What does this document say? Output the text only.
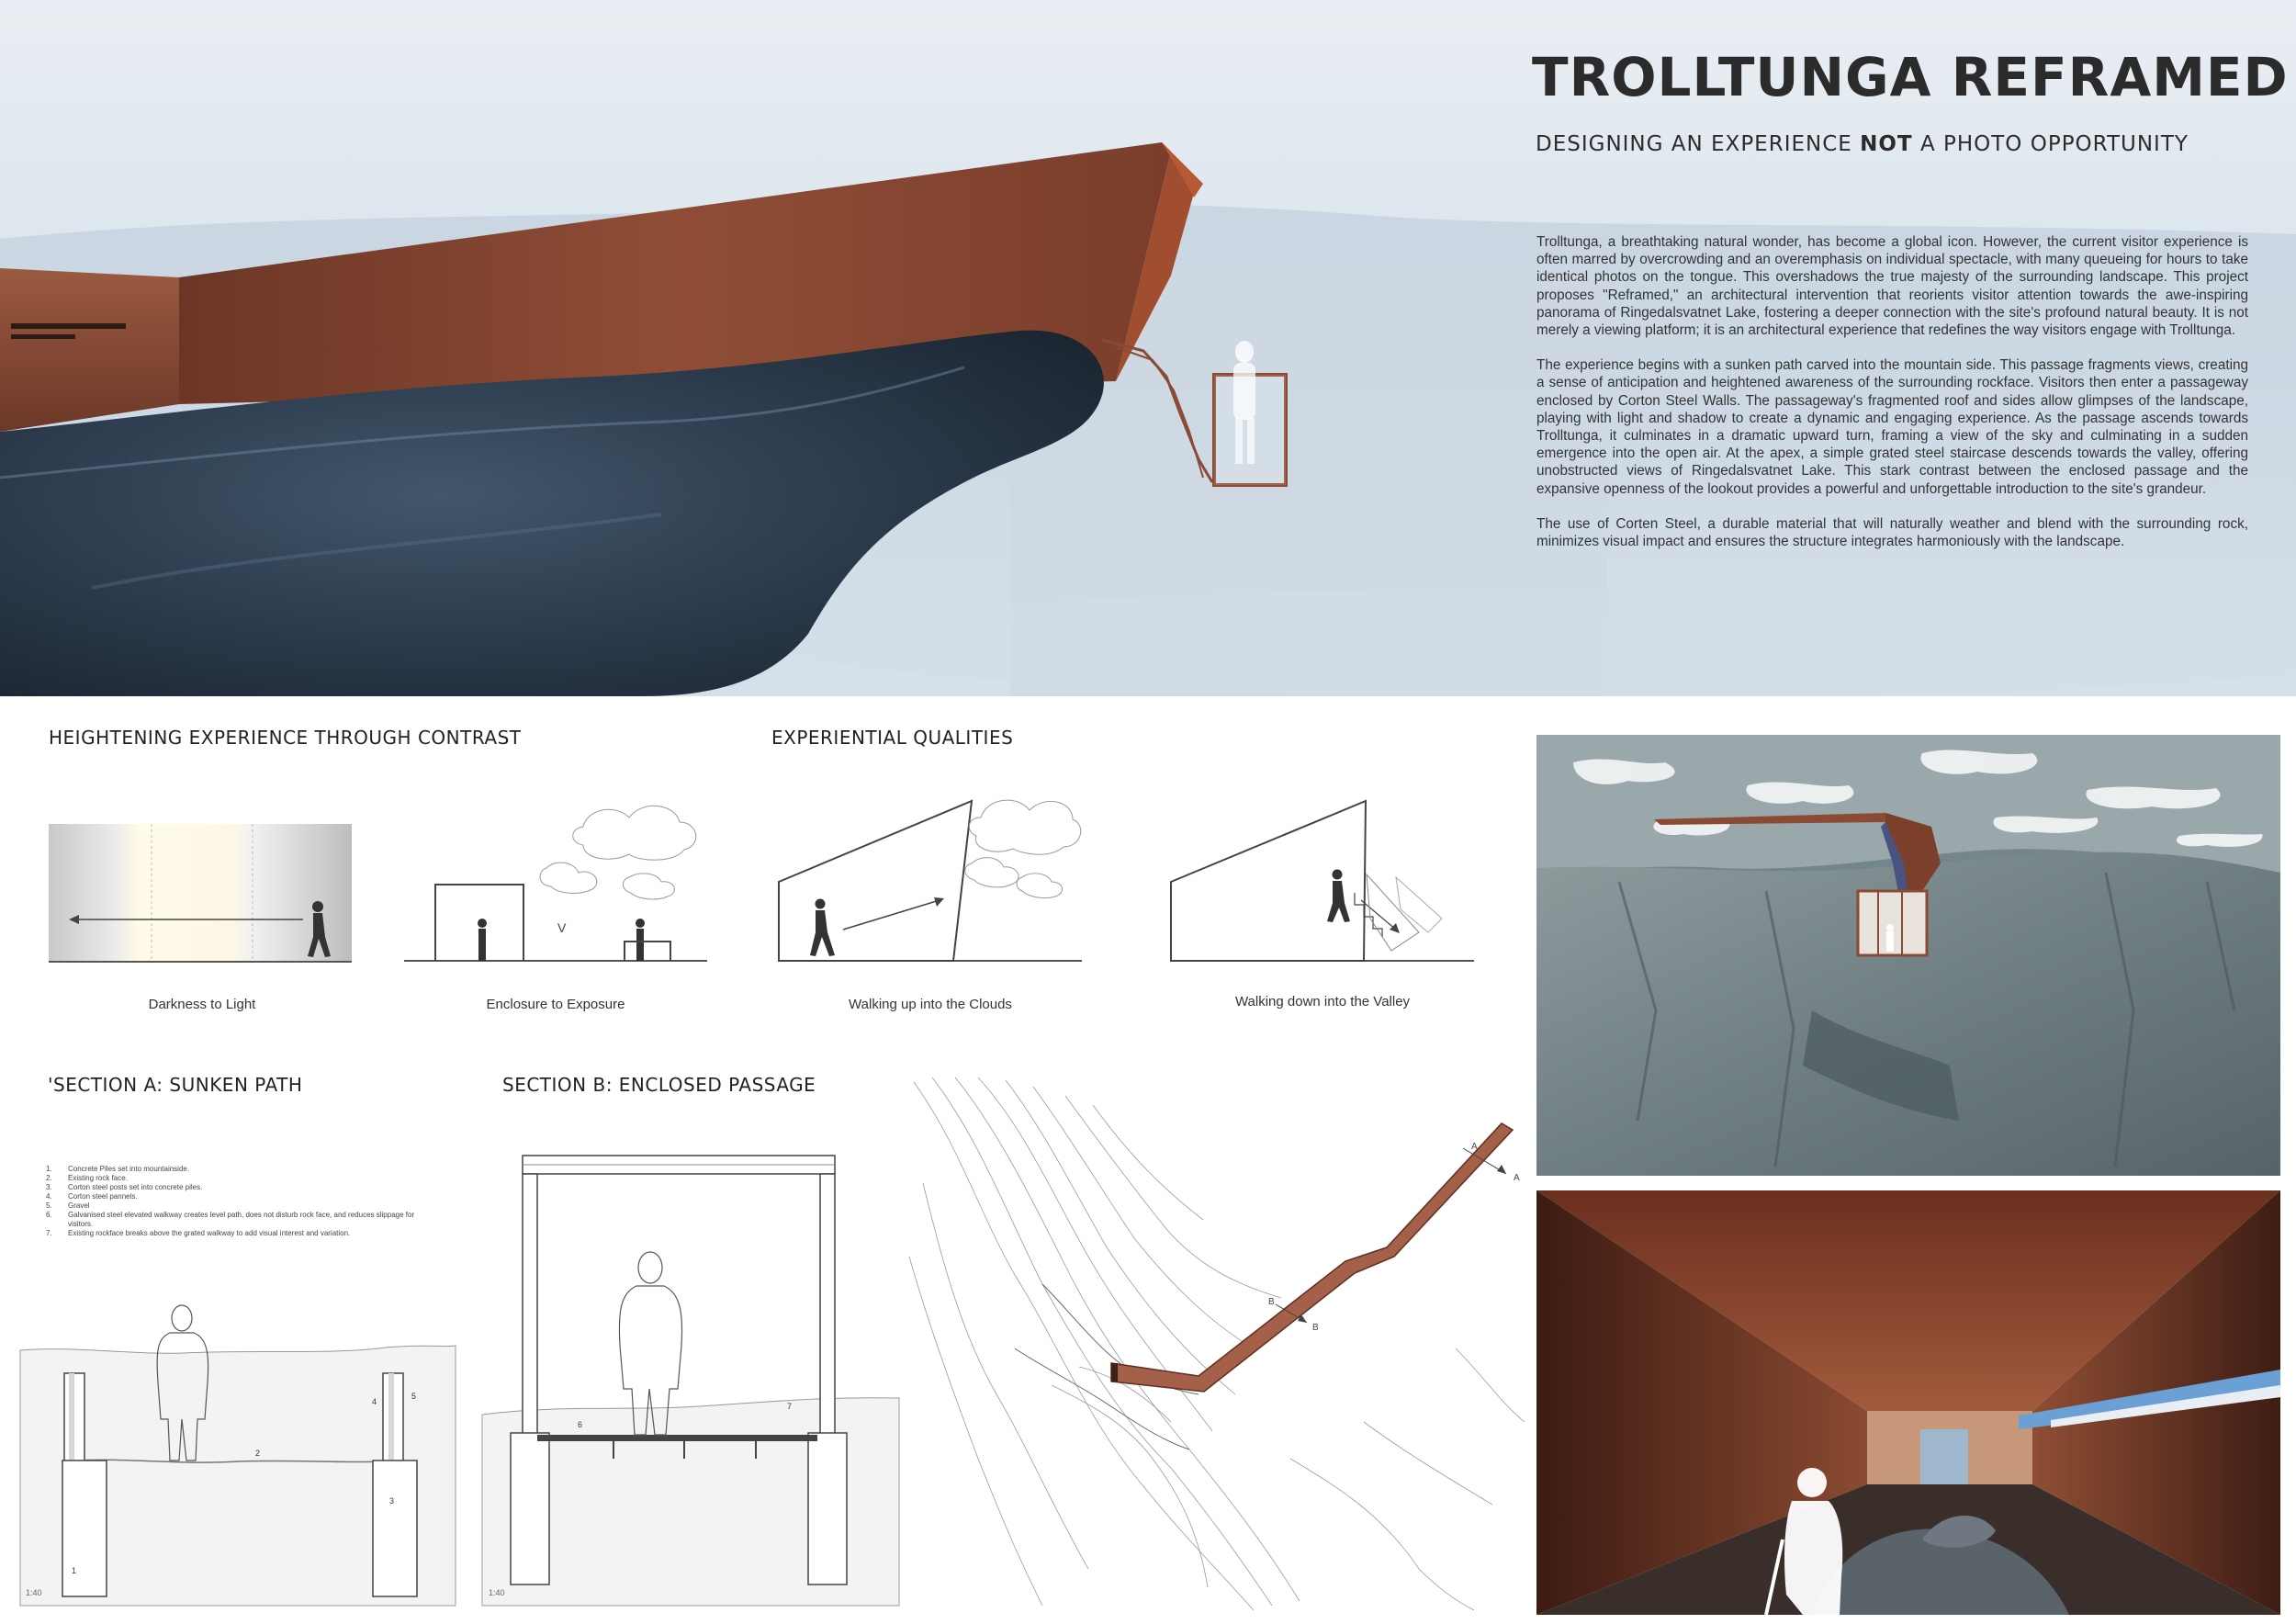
TROLLTUNGA REFRAMED
DESIGNING AN EXPERIENCE NOT A PHOTO OPPORTUNITY

Trolltunga, a breathtaking natural wonder, has become a global icon. However, the current visitor experience is often marred by overcrowding and an overemphasis on individual spectacle, with many queueing for hours to take identical photos on the tongue. This overshadows the true majesty of the surrounding landscape. This project proposes "Reframed," an architectural intervention that reorients visitor attention towards the awe-inspiring panorama of Ringedalsvatnet Lake, fostering a deeper connection with the site's profound natural beauty. It is not merely a viewing platform; it is an architectural experience that redefines the way visitors engage with Trolltunga.

The experience begins with a sunken path carved into the mountain side. This passage fragments views, creating a sense of anticipation and heightened awareness of the surrounding rockface. Visitors then enter a passageway enclosed by Corton Steel Walls. The passageway's fragmented roof and sides allow glimpses of the landscape, playing with light and shadow to create a dynamic and engaging experience. As the passage ascends towards Trolltunga, it culminates in a dramatic upward turn, framing a view of the sky and culminating in a sudden emergence into the open air. At the apex, a simple grated steel staircase descends towards the valley, offering unobstructed views of Ringedalsvatnet Lake. This stark contrast between the enclosed passage and the expansive openness of the lookout provides a powerful and unforgettable introduction to the site's grandeur.

The use of Corten Steel, a durable material that will naturally weather and blend with the surrounding rock, minimizes visual impact and ensures the structure integrates harmoniously with the landscape.

HEIGHTENING EXPERIENCE THROUGH CONTRAST	EXPERIENTIAL QUALITIES
Darkness to Light
V
Enclosure to Exposure	Walking up into the Clouds	Walking down into the Valley
'SECTION A: SUNKEN PATH
1.	Concrete Piles set into mountainside.
2.	Existing rock face.
3.	Corton steel posts set into concrete piles.
4.	Corton steel pannels.
5.	Gravel
6.	Galvanised steel elevated walkway creates level path, does not disturb rock face, and reduces slippage for visitors.
7.	Existing rockface breaks above the grated walkway to add visual interest and variation.
1
2
3
4
5
1:40
SECTION B: ENCLOSED PASSAGE
6
7
1:40
A
A
B
B
